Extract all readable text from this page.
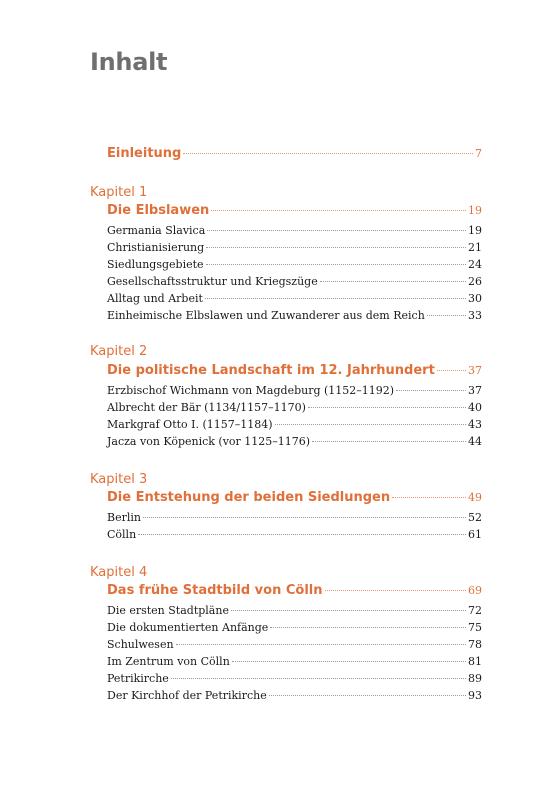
Inhalt
Einleitung	7
Kapitel 1
Die Elbslawen	19
Germania Slavica	19
Christianisierung	21
Siedlungsgebiete	24
Gesellschaftsstruktur und Kriegszüge	26
Alltag und Arbeit	30
Einheimische Elbslawen und Zuwanderer aus dem Reich	33
Kapitel 2
Die politische Landschaft im 12. Jahrhundert	37
Erzbischof Wichmann von Magdeburg (1152–1192)	37
Albrecht der Bär (1134/1157–1170)	40
Markgraf Otto I. (1157–1184)	43
Jacza von Köpenick (vor 1125–1176)	44
Kapitel 3
Die Entstehung der beiden Siedlungen	49
Berlin	52
Cölln	61
Kapitel 4
Das frühe Stadtbild von Cölln	69
Die ersten Stadtpläne	72
Die dokumentierten Anfänge	75
Schulwesen	78
Im Zentrum von Cölln	81
Petrikirche	89
Der Kirchhof der Petrikirche	93
